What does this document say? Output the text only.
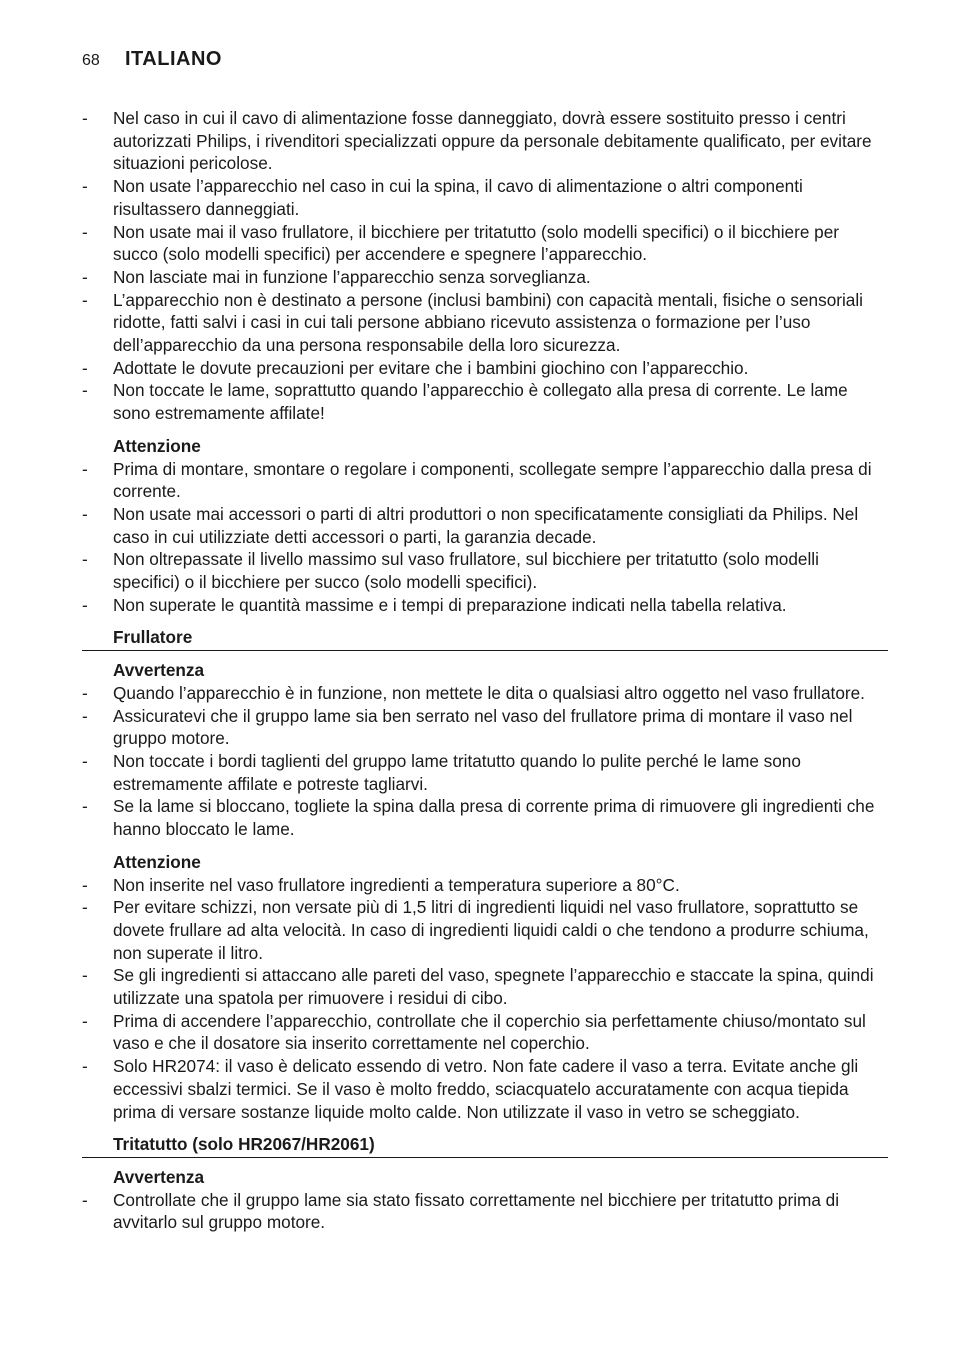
68 ITALIANO
- Nel caso in cui il cavo di alimentazione fosse danneggiato, dovrà essere sostituito presso i centri autorizzati Philips, i rivenditori specializzati oppure da personale debitamente qualificato, per evitare situazioni pericolose.
- Non usate l’apparecchio nel caso in cui la spina, il cavo di alimentazione o altri componenti risultassero danneggiati.
- Non usate mai il vaso frullatore, il bicchiere per tritatutto (solo modelli specifici) o il bicchiere per succo (solo modelli specifici) per accendere e spegnere l’apparecchio.
- Non lasciate mai in funzione l’apparecchio senza sorveglianza.
- L’apparecchio non è destinato a persone (inclusi bambini) con capacità mentali, fisiche o sensoriali ridotte, fatti salvi i casi in cui tali persone abbiano ricevuto assistenza o formazione per l’uso dell’apparecchio da una persona responsabile della loro sicurezza.
- Adottate le dovute precauzioni per evitare che i bambini giochino con l’apparecchio.
- Non toccate le lame, soprattutto quando l’apparecchio è collegato alla presa di corrente. Le lame sono estremamente affilate!
Attenzione
- Prima di montare, smontare o regolare i componenti, scollegate sempre l’apparecchio dalla presa di corrente.
- Non usate mai accessori o parti di altri produttori o non specificatamente consigliati da Philips. Nel caso in cui utilizziate detti accessori o parti, la garanzia decade.
- Non oltrepassate il livello massimo sul vaso frullatore, sul bicchiere per tritatutto (solo modelli specifici) o il bicchiere per succo (solo modelli specifici).
- Non superate le quantità massime e i tempi di preparazione indicati nella tabella relativa.
Frullatore
Avvertenza
- Quando l’apparecchio è in funzione, non mettete le dita o qualsiasi altro oggetto nel vaso frullatore.
- Assicuratevi che il gruppo lame sia ben serrato nel vaso del frullatore prima di montare il vaso nel gruppo motore.
- Non toccate i bordi taglienti del gruppo lame tritatutto quando lo pulite perché le lame sono estremamente affilate e potreste tagliarvi.
- Se la lame si bloccano, togliete la spina dalla presa di corrente prima di rimuovere gli ingredienti che hanno bloccato le lame.
Attenzione
- Non inserite nel vaso frullatore ingredienti a temperatura superiore a 80°C.
- Per evitare schizzi, non versate più di 1,5 litri di ingredienti liquidi nel vaso frullatore, soprattutto se dovete frullare ad alta velocità. In caso di ingredienti liquidi caldi o che tendono a produrre schiuma, non superate il litro.
- Se gli ingredienti si attaccano alle pareti del vaso, spegnete l’apparecchio e staccate la spina, quindi utilizzate una spatola per rimuovere i residui di cibo.
- Prima di accendere l’apparecchio, controllate che il coperchio sia perfettamente chiuso/montato sul vaso e che il dosatore sia inserito correttamente nel coperchio.
- Solo HR2074: il vaso è delicato essendo di vetro. Non fate cadere il vaso a terra. Evitate anche gli eccessivi sbalzi termici. Se il vaso è molto freddo, sciacquatelo accuratamente con acqua tiepida prima di versare sostanze liquide molto calde. Non utilizzate il vaso in vetro se scheggiato.
Tritatutto (solo HR2067/HR2061)
Avvertenza
- Controllate che il gruppo lame sia stato fissato correttamente nel bicchiere per tritatutto prima di avvitarlo sul gruppo motore.
